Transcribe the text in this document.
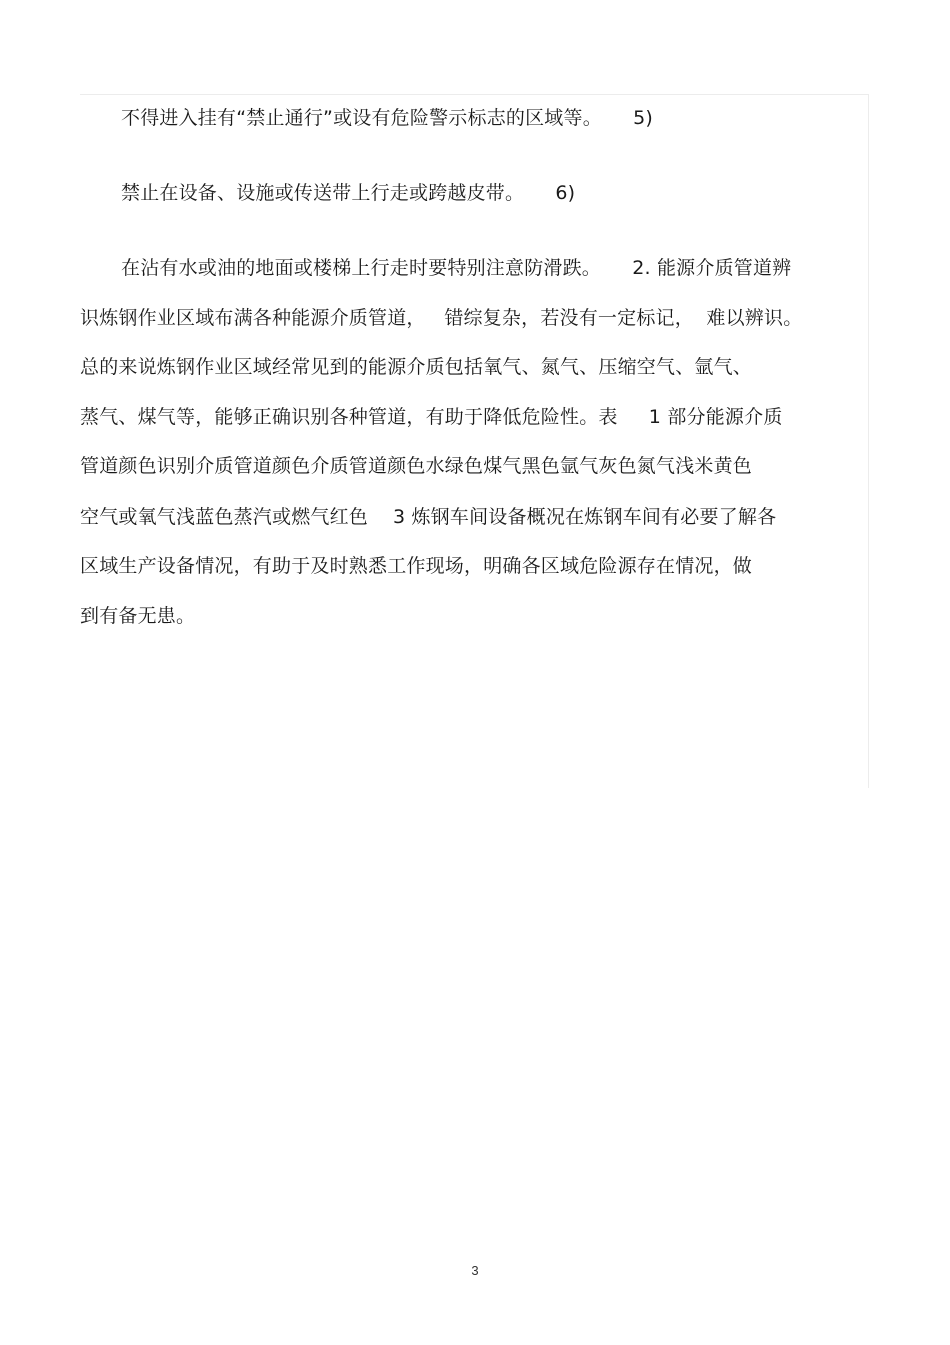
不得进入挂有“禁止通行”或设有危险警示标志的区域等。     5)
禁止在设备、设施或传送带上行走或跨越皮带。     6)
在沾有水或油的地面或楼梯上行走时要特别注意防滑跌。     2. 能源介质管道辨
识炼钢作业区域布满各种能源介质管道，   错综复杂，若没有一定标记，  难以辨识。
总的来说炼钢作业区域经常见到的能源介质包括氧气、氮气、压缩空气、氩气、
蒸气、煤气等，能够正确识别各种管道，有助于降低危险性。表     1 部分能源介质
管道颜色识别介质管道颜色介质管道颜色水绿色煤气黑色氩气灰色氮气浅米黄色
空气或氧气浅蓝色蒸汽或燃气红色    3 炼钢车间设备概况在炼钢车间有必要了解各
区域生产设备情况，有助于及时熟悉工作现场，明确各区域危险源存在情况，做
到有备无患。
3
